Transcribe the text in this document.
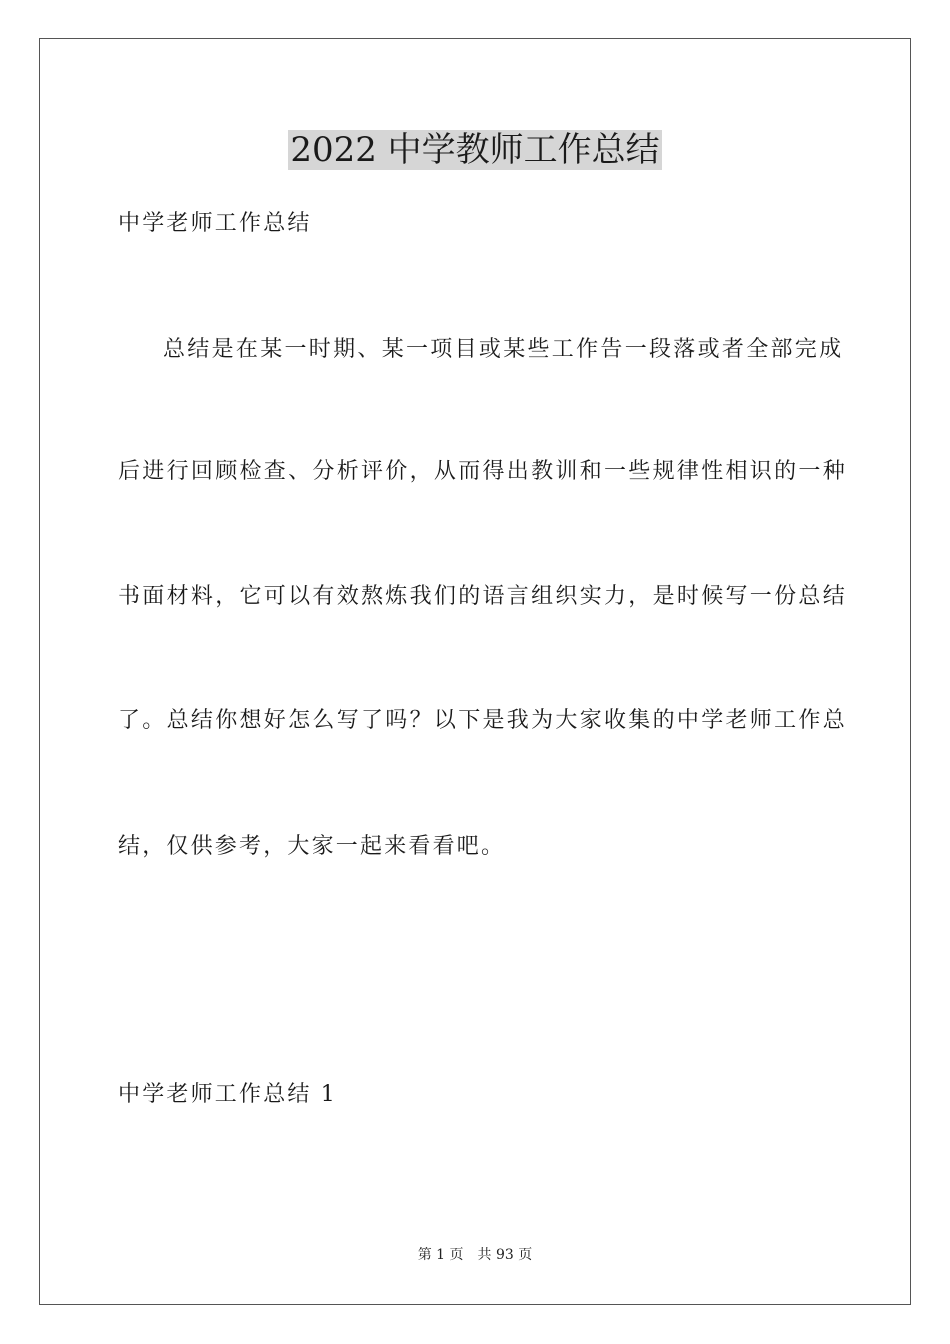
2022 中学教师工作总结
中学老师工作总结
总结是在某一时期、某一项目或某些工作告一段落或者全部完成
后进行回顾检查、分析评价，从而得出教训和一些规律性相识的一种
书面材料，它可以有效熬炼我们的语言组织实力，是时候写一份总结
了。总结你想好怎么写了吗？以下是我为大家收集的中学老师工作总
结，仅供参考，大家一起来看看吧。
中学老师工作总结 1
第 1 页 共 93 页
